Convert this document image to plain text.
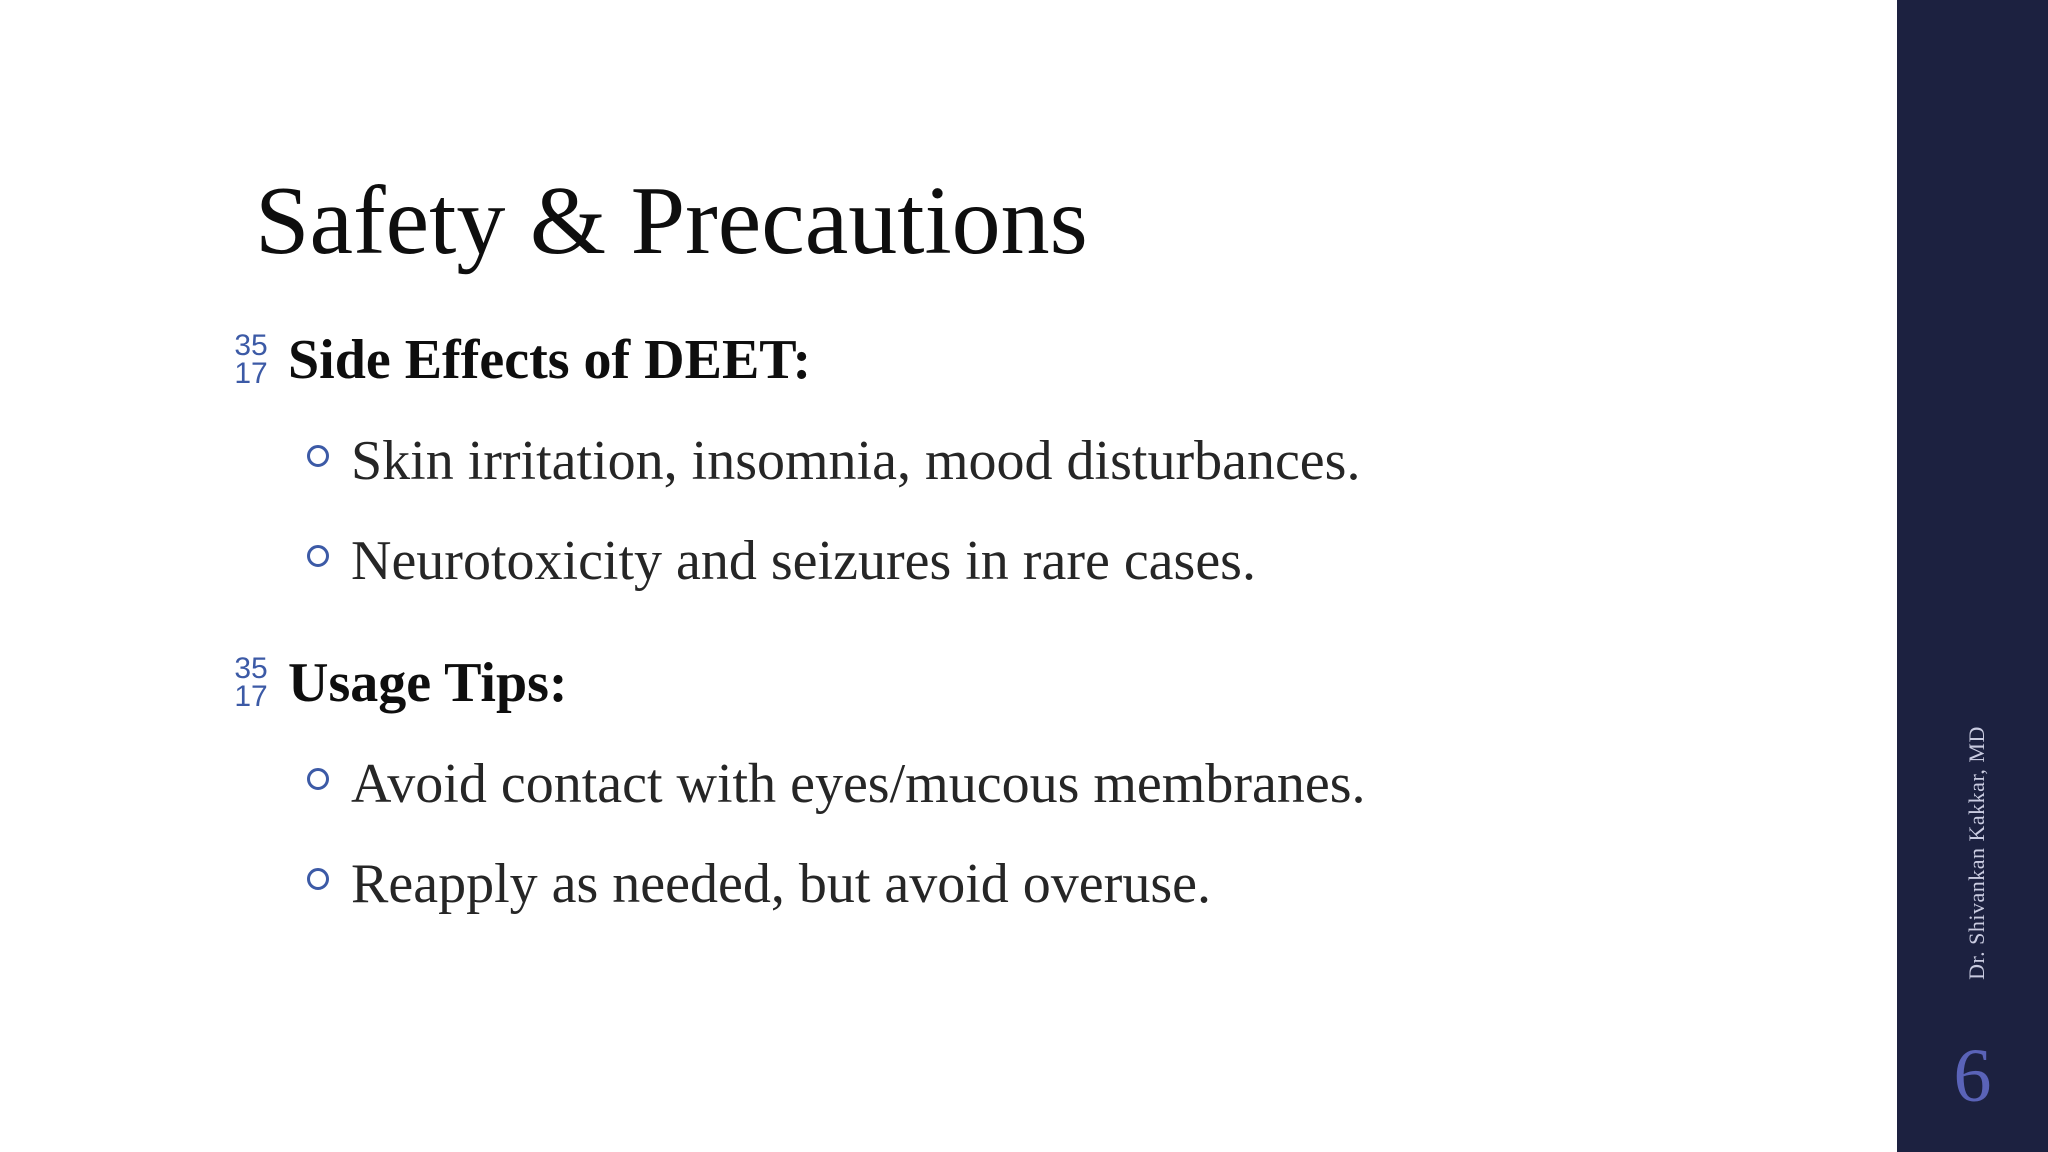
Safety & Precautions
35
17 Side Effects of DEET:
Skin irritation, insomnia, mood disturbances.
Neurotoxicity and seizures in rare cases.
35
17 Usage Tips:
Avoid contact with eyes/mucous membranes.
Reapply as needed, but avoid overuse.	Dr. Shivankan Kakkar, MD
6
